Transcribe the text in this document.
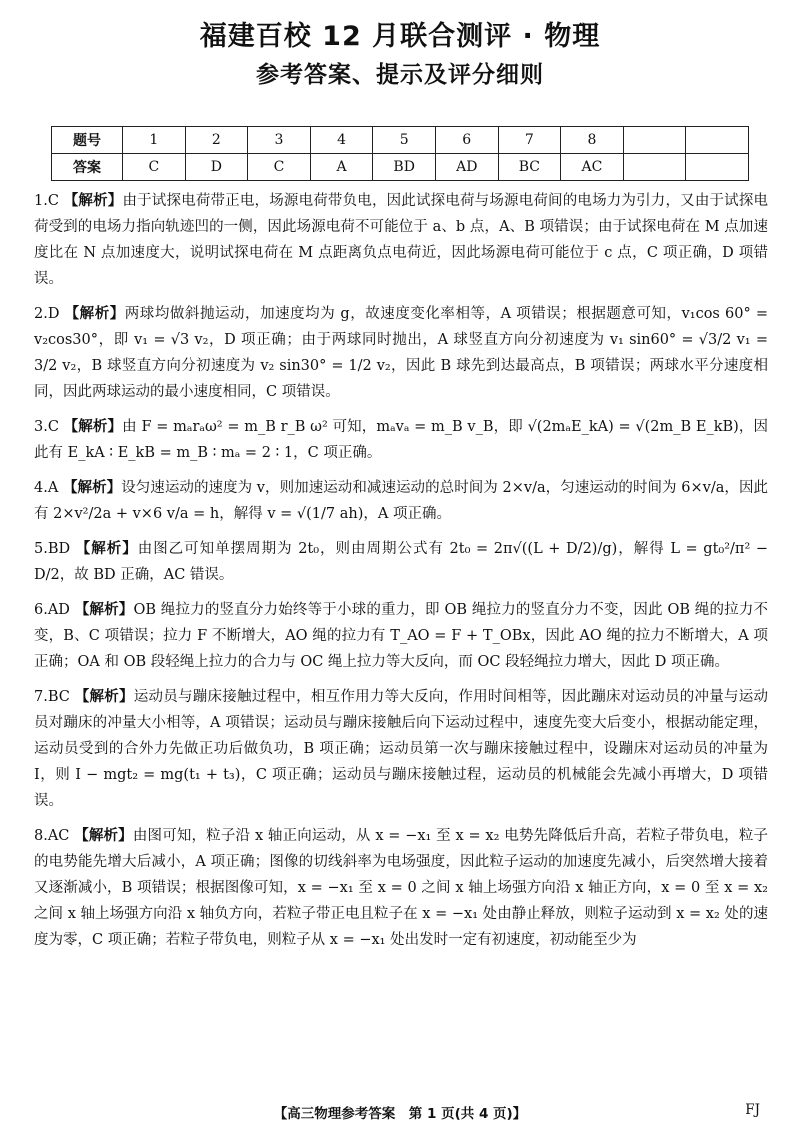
福建百校 12 月联合测评 · 物理
参考答案、提示及评分细则
题号	1	2	3	4	5	6	7	8		
答案	C	D	C	A	BD	AD	BC	AC		

1.C 【解析】由于试探电荷带正电，场源电荷带负电，因此试探电荷与场源电荷间的电场力为引力，又由于试探电荷受到的电场力指向轨迹凹的一侧，因此场源电荷不可能位于 a、b 点，A、B 项错误；由于试探电荷在 M 点加速度比在 N 点加速度大，说明试探电荷在 M 点距离负点电荷近，因此场源电荷可能位于 c 点，C 项正确，D 项错误。

2.D 【解析】两球均做斜抛运动，加速度均为 g，故速度变化率相等，A 项错误；根据题意可知，v₁cos 60° = v₂cos30°，即 v₁ = √3 v₂，D 项正确；由于两球同时抛出，A 球竖直方向分初速度为 v₁ sin60° = √3/2 v₁ = 3/2 v₂，B 球竖直方向分初速度为 v₂ sin30° = 1/2 v₂，因此 B 球先到达最高点，B 项错误；两球水平分速度相同，因此两球运动的最小速度相同，C 项错误。

3.C 【解析】由 F = mₐrₐω² = m_B r_B ω² 可知，mₐvₐ = m_B v_B，即 √(2mₐE_kA) = √(2m_B E_kB)，因此有 E_kA ∶ E_kB = m_B ∶ mₐ = 2 ∶ 1，C 项正确。

4.A 【解析】设匀速运动的速度为 v，则加速运动和减速运动的总时间为 2×v/a，匀速运动的时间为 6×v/a，因此有 2×v²/2a + v×6 v/a = h，解得 v = √(1/7 ah)，A 项正确。

5.BD 【解析】由图乙可知单摆周期为 2t₀，则由周期公式有 2t₀ = 2π√((L + D/2)/g)，解得 L = gt₀²/π² − D/2，故 BD 正确，AC 错误。

6.AD 【解析】OB 绳拉力的竖直分力始终等于小球的重力，即 OB 绳拉力的竖直分力不变，因此 OB 绳的拉力不变，B、C 项错误；拉力 F 不断增大，AO 绳的拉力有 T_AO = F + T_OBx，因此 AO 绳的拉力不断增大，A 项正确；OA 和 OB 段轻绳上拉力的合力与 OC 绳上拉力等大反向，而 OC 段轻绳拉力增大，因此 D 项正确。

7.BC 【解析】运动员与蹦床接触过程中，相互作用力等大反向，作用时间相等，因此蹦床对运动员的冲量与运动员对蹦床的冲量大小相等，A 项错误；运动员与蹦床接触后向下运动过程中，速度先变大后变小，根据动能定理，运动员受到的合外力先做正功后做负功，B 项正确；运动员第一次与蹦床接触过程中，设蹦床对运动员的冲量为 I，则 I − mgt₂ = mg(t₁ + t₃)，C 项正确；运动员与蹦床接触过程，运动员的机械能会先减小再增大，D 项错误。

8.AC 【解析】由图可知，粒子沿 x 轴正向运动，从 x = −x₁ 至 x = x₂ 电势先降低后升高，若粒子带负电，粒子的电势能先增大后减小，A 项正确；图像的切线斜率为电场强度，因此粒子运动的加速度先减小，后突然增大接着又逐渐减小，B 项错误；根据图像可知，x = −x₁ 至 x = 0 之间 x 轴上场强方向沿 x 轴正方向，x = 0 至 x = x₂ 之间 x 轴上场强方向沿 x 轴负方向，若粒子带正电且粒子在 x = −x₁ 处由静止释放，则粒子运动到 x = x₂ 处的速度为零，C 项正确；若粒子带负电，则粒子从 x = −x₁ 处出发时一定有初速度，初动能至少为

【高三物理参考答案　第 1 页(共 4 页)】	FJ
